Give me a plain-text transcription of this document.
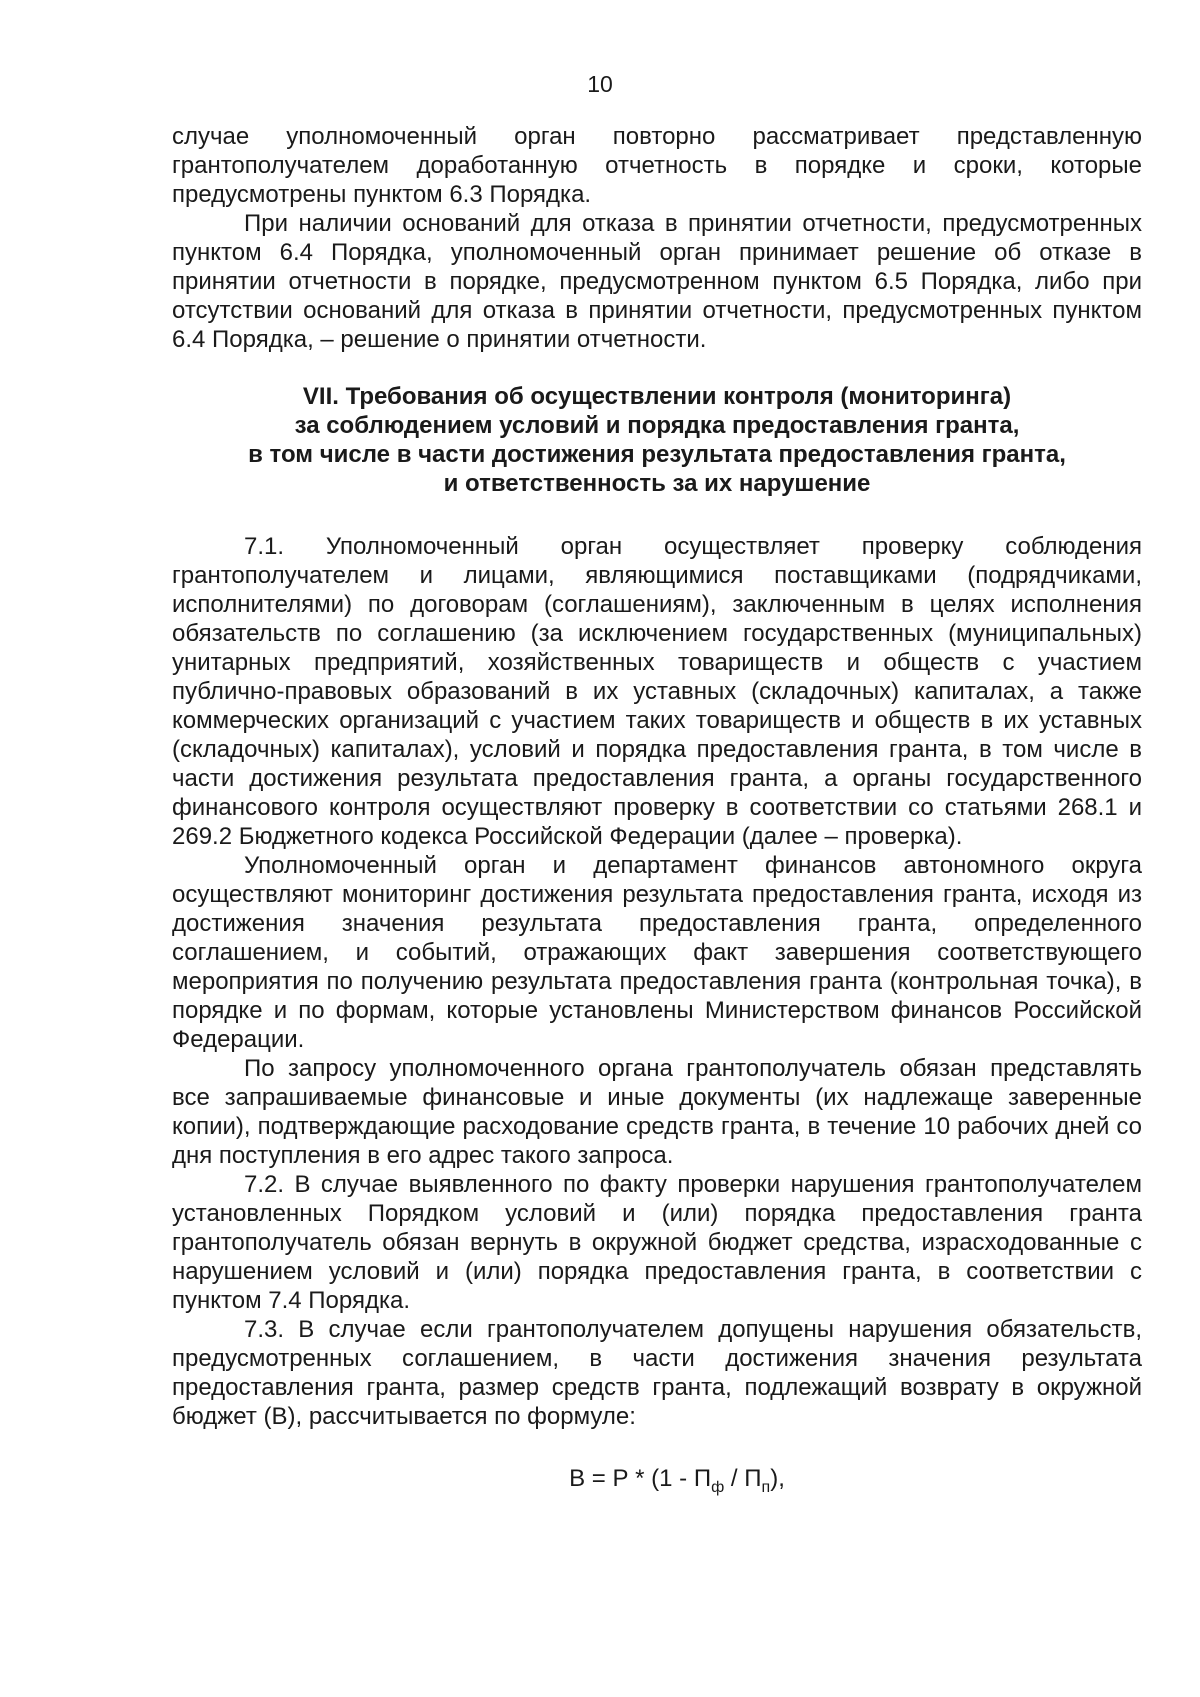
10

случае уполномоченный орган повторно рассматривает представленную грантополучателем доработанную отчетность в порядке и сроки, которые предусмотрены пунктом 6.3 Порядка.

При наличии оснований для отказа в принятии отчетности, предусмотренных пунктом 6.4 Порядка, уполномоченный орган принимает решение об отказе в принятии отчетности в порядке, предусмотренном пунктом 6.5 Порядка, либо при отсутствии оснований для отказа в принятии отчетности, предусмотренных пунктом 6.4 Порядка, – решение о принятии отчетности.

VII. Требования об осуществлении контроля (мониторинга)
за соблюдением условий и порядка предоставления гранта,
в том числе в части достижения результата предоставления гранта,
и ответственность за их нарушение

7.1. Уполномоченный орган осуществляет проверку соблюдения грантополучателем и лицами, являющимися поставщиками (подрядчиками, исполнителями) по договорам (соглашениям), заключенным в целях исполнения обязательств по соглашению (за исключением государственных (муниципальных) унитарных предприятий, хозяйственных товариществ и обществ с участием публично-правовых образований в их уставных (складочных) капиталах, а также коммерческих организаций с участием таких товариществ и обществ в их уставных (складочных) капиталах), условий и порядка предоставления гранта, в том числе в части достижения результата предоставления гранта, а органы государственного финансового контроля осуществляют проверку в соответствии со статьями 268.1 и 269.2 Бюджетного кодекса Российской Федерации (далее – проверка).

Уполномоченный орган и департамент финансов автономного округа осуществляют мониторинг достижения результата предоставления гранта, исходя из достижения значения результата предоставления гранта, определенного соглашением, и событий, отражающих факт завершения соответствующего мероприятия по получению результата предоставления гранта (контрольная точка), в порядке и по формам, которые установлены Министерством финансов Российской Федерации.

По запросу уполномоченного органа грантополучатель обязан представлять все запрашиваемые финансовые и иные документы (их надлежаще заверенные копии), подтверждающие расходование средств гранта, в течение 10 рабочих дней со дня поступления в его адрес такого запроса.

7.2. В случае выявленного по факту проверки нарушения грантополучателем установленных Порядком условий и (или) порядка предоставления гранта грантополучатель обязан вернуть в окружной бюджет средства, израсходованные с нарушением условий и (или) порядка предоставления гранта, в соответствии с пунктом 7.4 Порядка.

7.3. В случае если грантополучателем допущены нарушения обязательств, предусмотренных соглашением, в части достижения значения результата предоставления гранта, размер средств гранта, подлежащий возврату в окружной бюджет (В), рассчитывается по формуле:

$В = Р * (1 - П_ф / П_п)$,
